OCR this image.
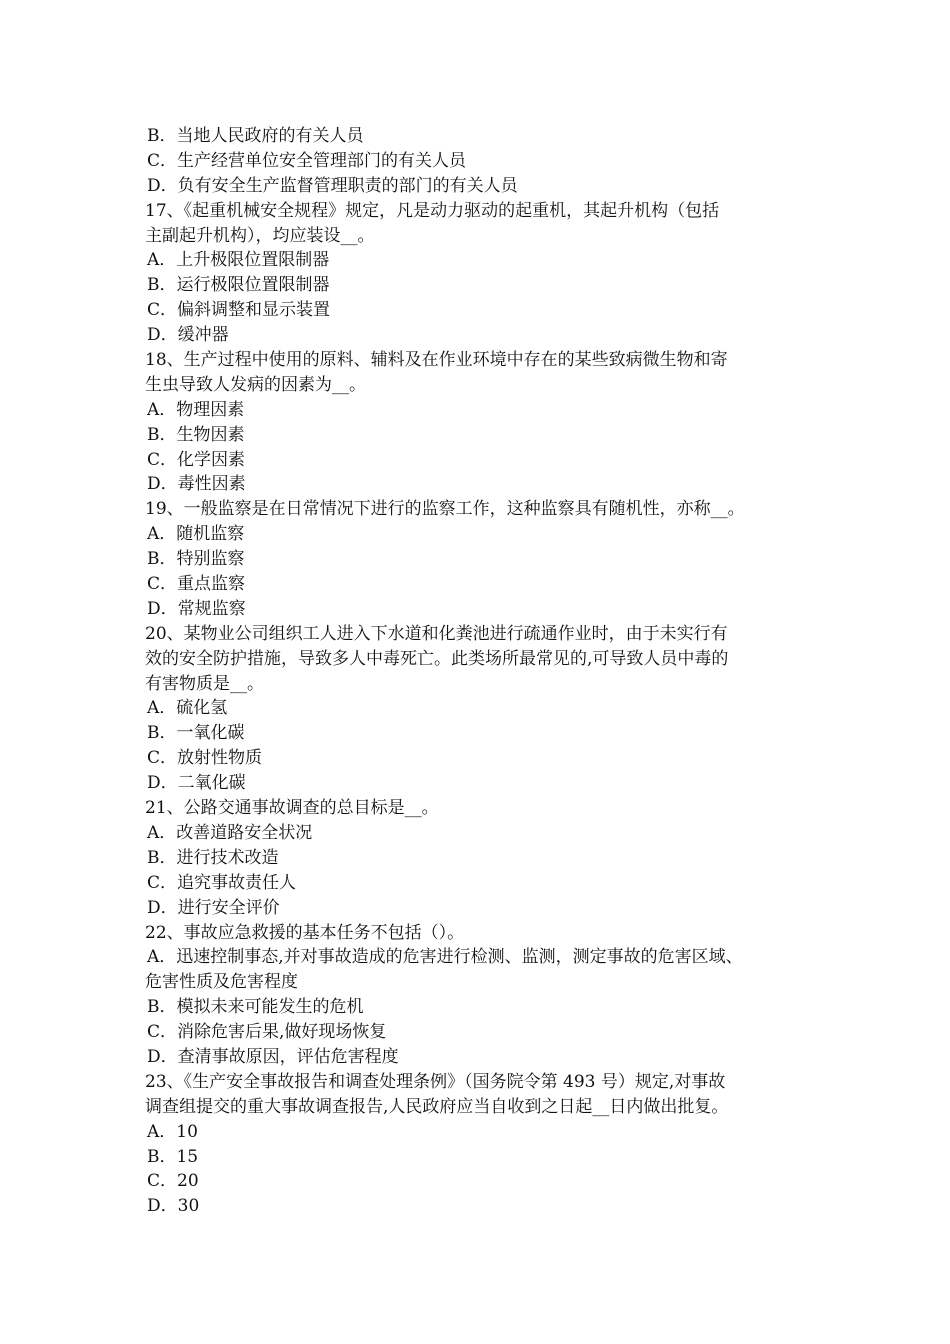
B．当地人民政府的有关人员
C．生产经营单位安全管理部门的有关人员
D．负有安全生产监督管理职责的部门的有关人员
17、《起重机械安全规程》规定，凡是动力驱动的起重机，其起升机构（包括
主副起升机构），均应装设__。
A．上升极限位置限制器
B．运行极限位置限制器
C．偏斜调整和显示装置
D．缓冲器
18、生产过程中使用的原料、辅料及在作业环境中存在的某些致病微生物和寄
生虫导致人发病的因素为__。
A．物理因素
B．生物因素
C．化学因素
D．毒性因素
19、一般监察是在日常情况下进行的监察工作，这种监察具有随机性，亦称__。
A．随机监察
B．特别监察
C．重点监察
D．常规监察
20、某物业公司组织工人进入下水道和化粪池进行疏通作业时，由于未实行有
效的安全防护措施，导致多人中毒死亡。此类场所最常见的,可导致人员中毒的
有害物质是__。
A．硫化氢
B．一氧化碳
C．放射性物质
D．二氧化碳
21、公路交通事故调查的总目标是__。
A．改善道路安全状况
B．进行技术改造
C．追究事故责任人
D．进行安全评价
22、事故应急救援的基本任务不包括（）。
A．迅速控制事态,并对事故造成的危害进行检测、监测，测定事故的危害区域、
危害性质及危害程度
B．模拟未来可能发生的危机
C．消除危害后果,做好现场恢复
D．查清事故原因，评估危害程度
23、《生产安全事故报告和调查处理条例》（国务院令第 493 号）规定,对事故
调查组提交的重大事故调查报告,人民政府应当自收到之日起__日内做出批复。
A．10
B．15
C．20
D．30
